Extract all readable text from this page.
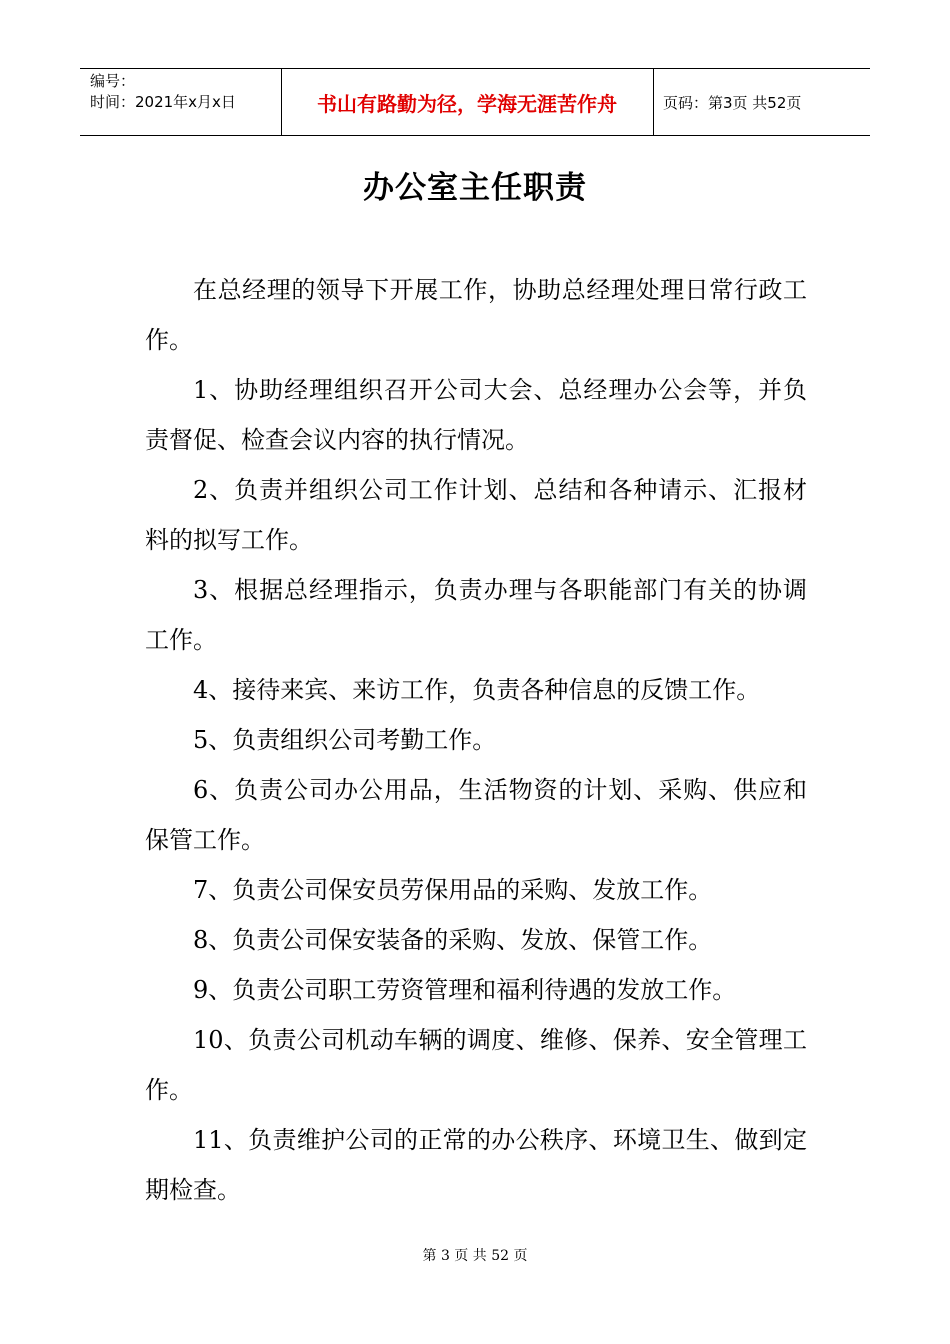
编号：
时间：2021年x月x日	书山有路勤为径，学海无涯苦作舟	页码：第3页 共52页
办公室主任职责

在总经理的领导下开展工作，协助总经理处理日常行政工作。

1、协助经理组织召开公司大会、总经理办公会等，并负责督促、检查会议内容的执行情况。

2、负责并组织公司工作计划、总结和各种请示、汇报材料的拟写工作。

3、根据总经理指示，负责办理与各职能部门有关的协调工作。

4、接待来宾、来访工作，负责各种信息的反馈工作。

5、负责组织公司考勤工作。

6、负责公司办公用品，生活物资的计划、采购、供应和保管工作。

7、负责公司保安员劳保用品的采购、发放工作。

8、负责公司保安装备的采购、发放、保管工作。

9、负责公司职工劳资管理和福利待遇的发放工作。

10、负责公司机动车辆的调度、维修、保养、安全管理工作。

11、负责维护公司的正常的办公秩序、环境卫生、做到定期检查。

第 3 页 共 52 页
